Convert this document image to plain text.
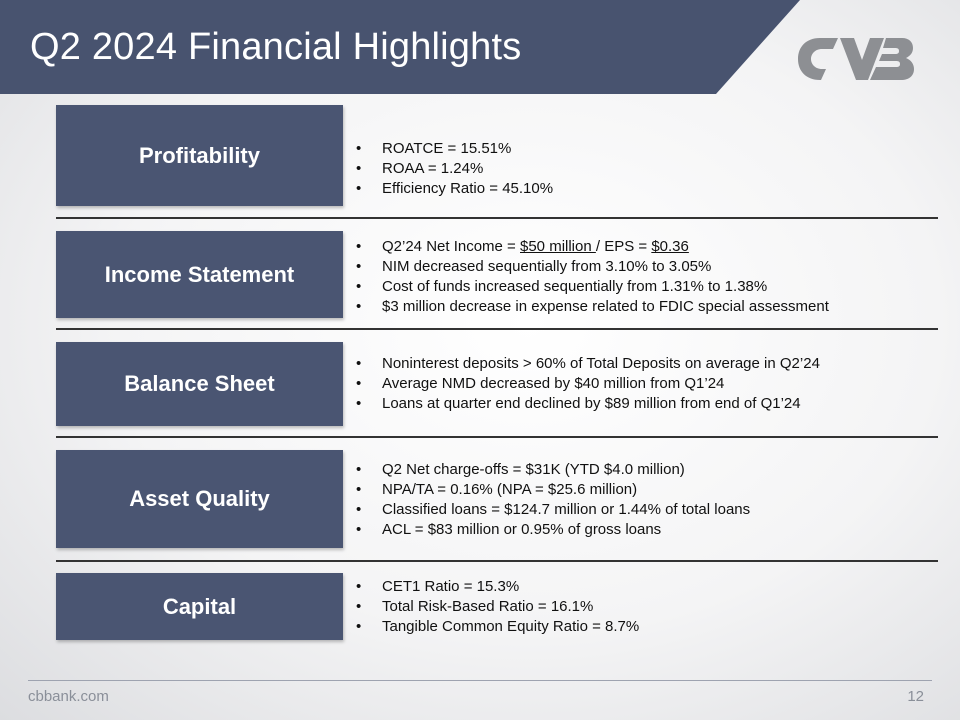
Q2 2024 Financial Highlights
Profitability
•	ROATCE = 15.51%
• ROAA = 1.24%
• Efficiency Ratio = 45.10%
Income Statement
• Q2’24 Net Income = $50 million / EPS = $0.36
• NIM decreased sequentially from 3.10% to 3.05%
• Cost of funds increased sequentially from 1.31% to 1.38%
• $3 million decrease in expense related to FDIC special assessment
Balance Sheet
• Noninterest deposits > 60% of Total Deposits on average in Q2’24
• Average NMD decreased by $40 million from Q1’24
• Loans at quarter end declined by $89 million from end of Q1’24
Asset Quality
• Q2 Net charge-offs = $31K (YTD $4.0 million)
• NPA/TA = 0.16% (NPA = $25.6 million)
• Classified loans = $124.7 million or 1.44% of total loans
• ACL = $83 million or 0.95% of gross loans
Capital
• CET1 Ratio = 15.3%
• Total Risk-Based Ratio = 16.1%
• Tangible Common Equity Ratio = 8.7%
cbbank.com	12
